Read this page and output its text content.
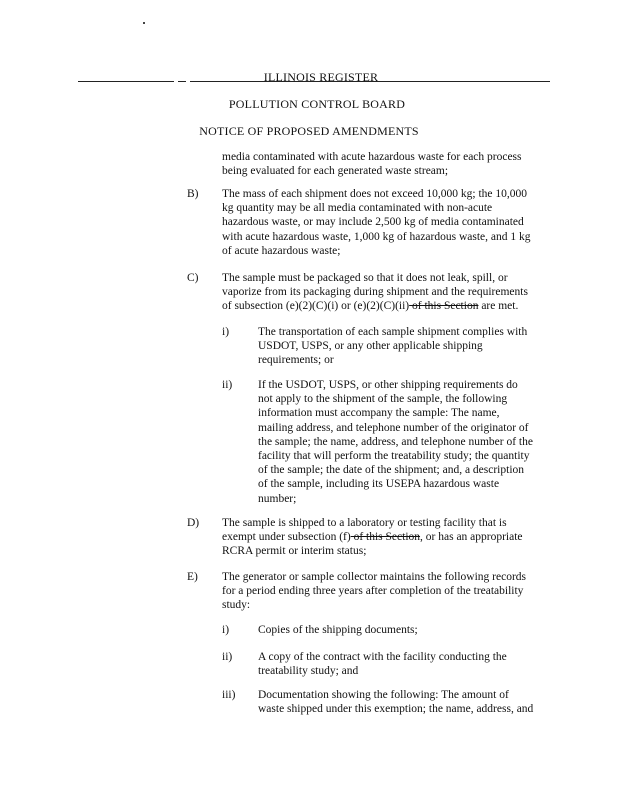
ILLINOIS REGISTER
POLLUTION CONTROL BOARD
NOTICE OF PROPOSED AMENDMENTS
media contaminated with acute hazardous waste for each process
being evaluated for each generated waste stream;
B) The mass of each shipment does not exceed 10,000 kg; the 10,000
kg quantity may be all media contaminated with non-acute
hazardous waste, or may include 2,500 kg of media contaminated
with acute hazardous waste, 1,000 kg of hazardous waste, and 1 kg
of acute hazardous waste;
C) The sample must be packaged so that it does not leak, spill, or
vaporize from its packaging during shipment and the requirements
of subsection (e)(2)(C)(i) or (e)(2)(C)(ii) of this Section are met.
i)	The transportation of each sample shipment complies with
USDOT, USPS, or any other applicable shipping
requirements; or
ii) If the USDOT, USPS, or other shipping requirements do
not apply to the shipment of the sample, the following
information must accompany the sample: The name,
mailing address, and telephone number of the originator of
the sample; the name, address, and telephone number of the
facility that will perform the treatability study; the quantity
of the sample; the date of the shipment; and, a description
of the sample, including its USEPA hazardous waste
number;
D) The sample is shipped to a laboratory or testing facility that is
exempt under subsection (f) of this Section, or has an appropriate
RCRA permit or interim status;
E) The generator or sample collector maintains the following records
for a period ending three years after completion of the treatability
study:
i)	Copies of the shipping documents;
ii) A copy of the contract with the facility conducting the
treatability study; and
iii) Documentation showing the following: The amount of
waste shipped under this exemption; the name, address, and
